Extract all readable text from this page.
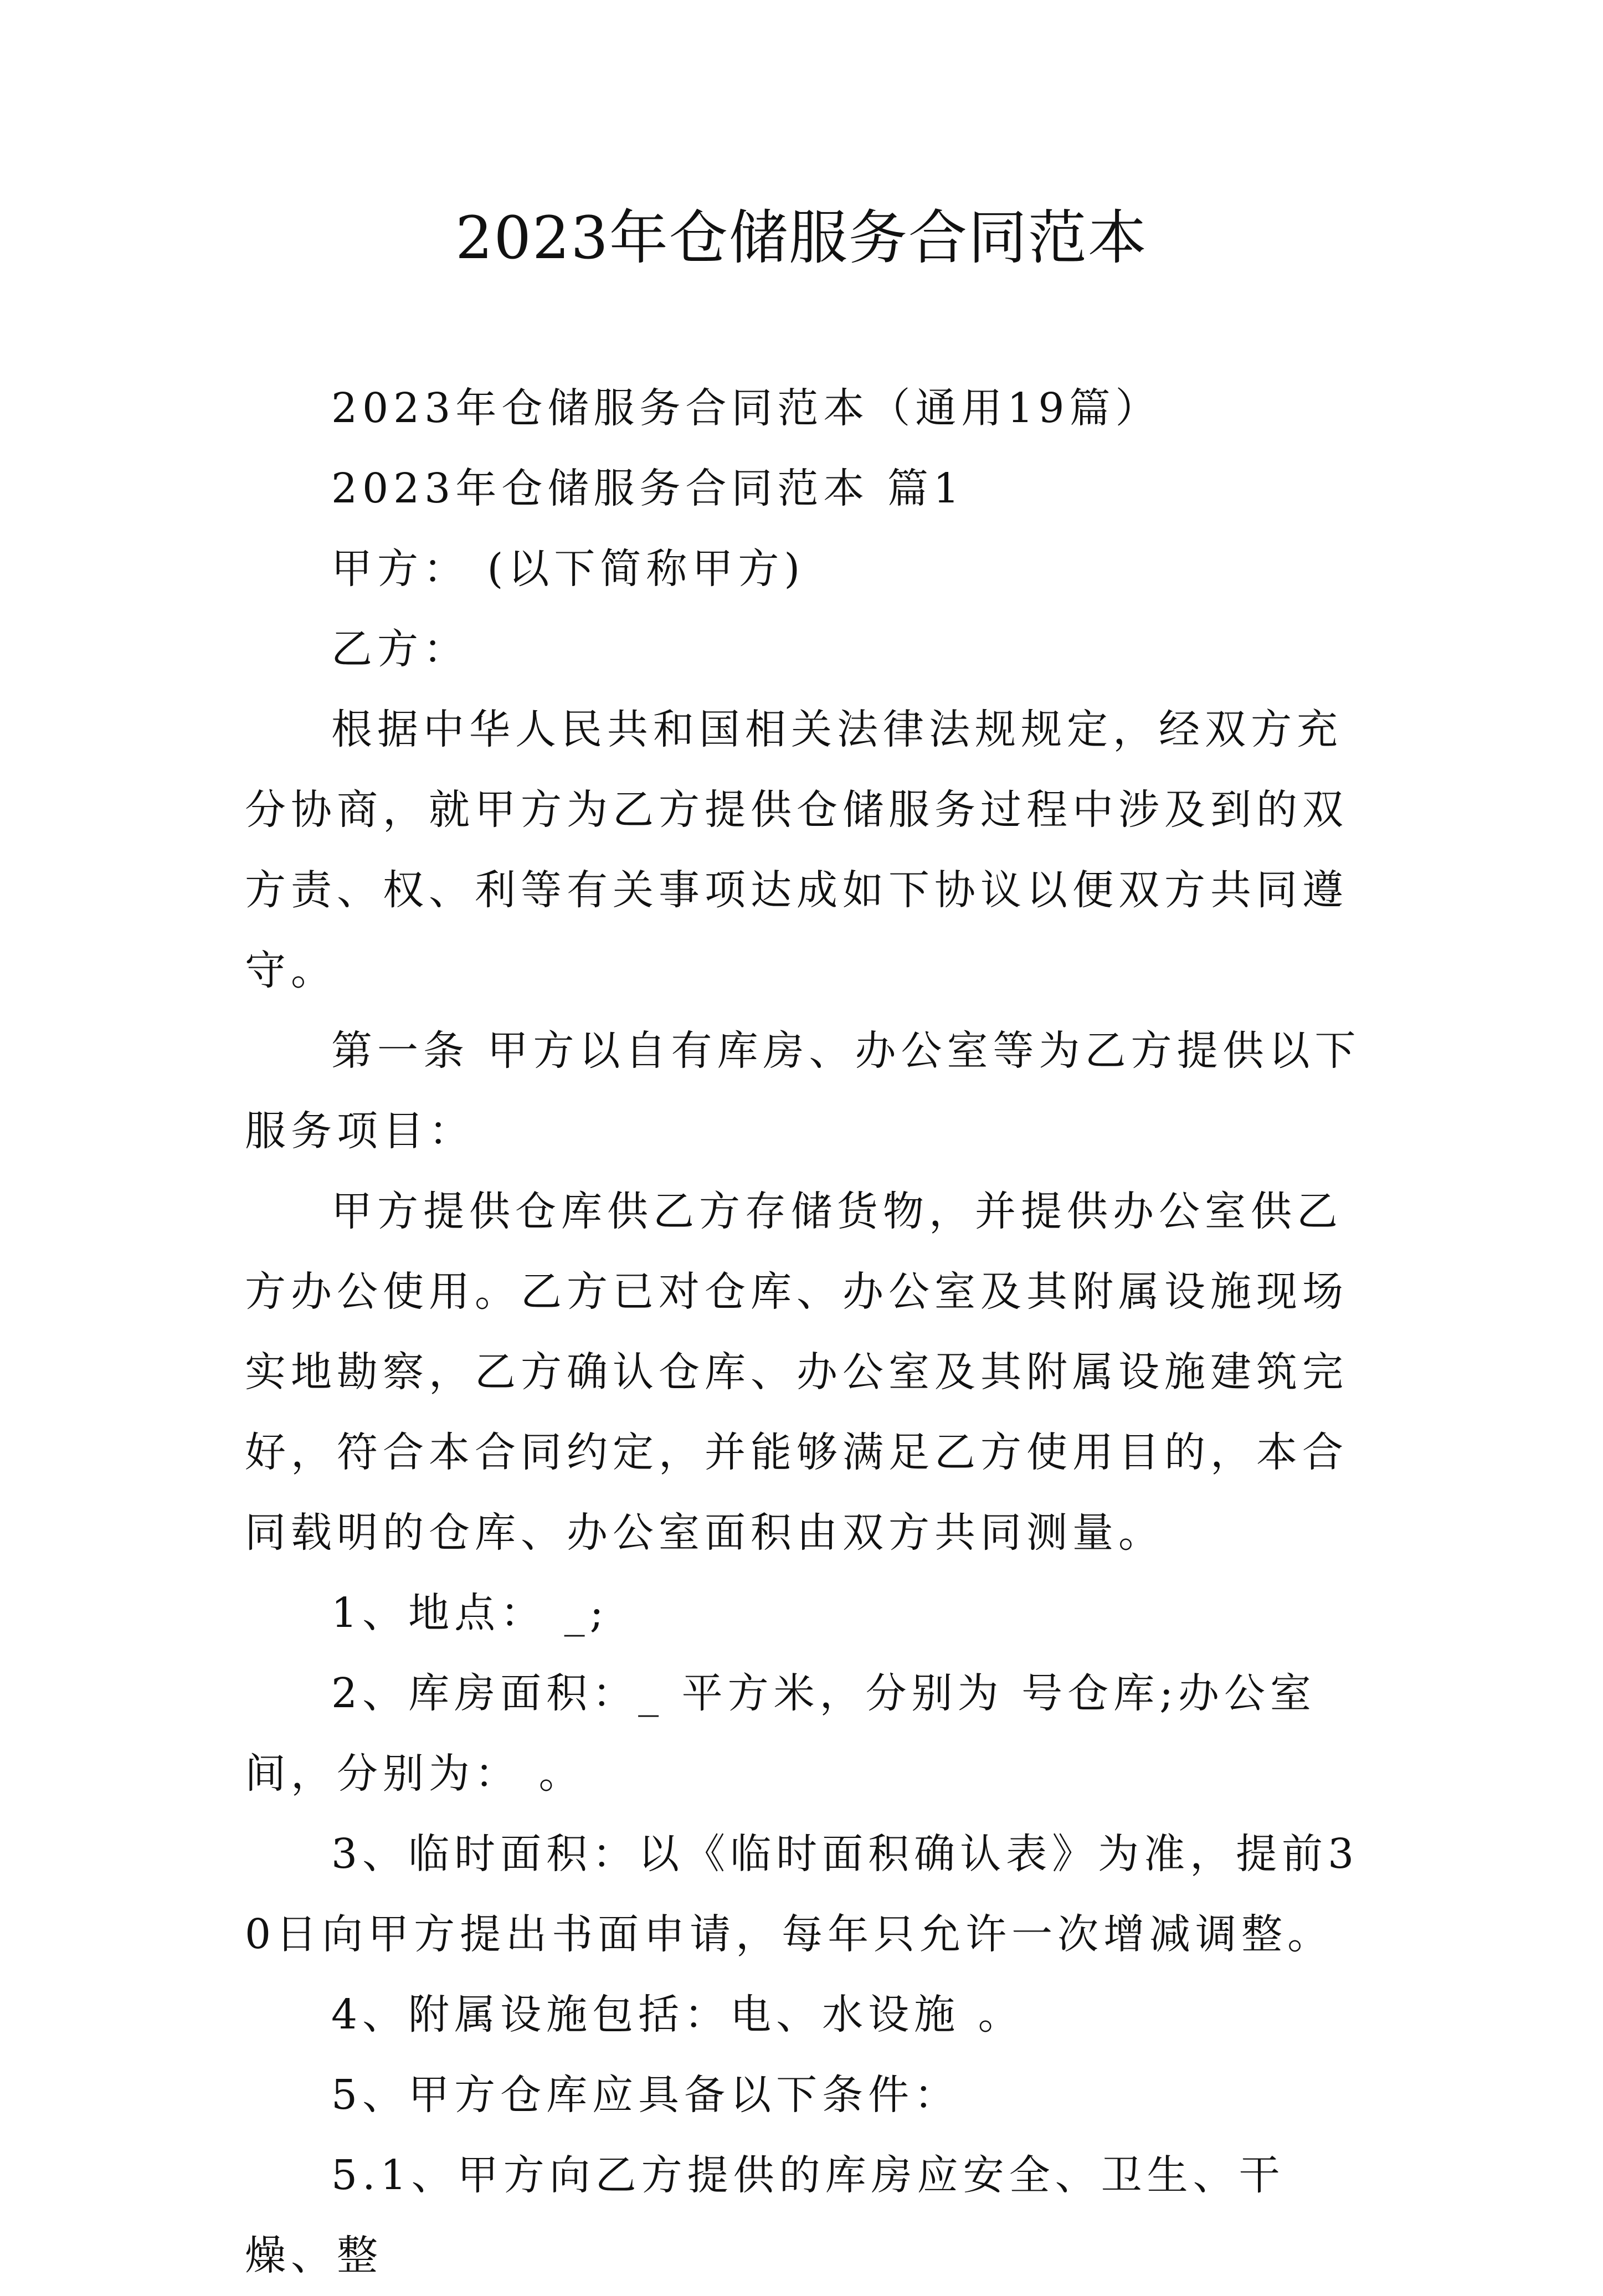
2023年仓储服务合同范本

2023年仓储服务合同范本（通用19篇）

2023年仓储服务合同范本 篇1

甲方： (以下简称甲方)

乙方：

根据中华人民共和国相关法律法规规定，经双方充分协商，就甲方为乙方提供仓储服务过程中涉及到的双方责、权、利等有关事项达成如下协议以便双方共同遵守。

第一条 甲方以自有库房、办公室等为乙方提供以下服务项目：

甲方提供仓库供乙方存储货物，并提供办公室供乙方办公使用。乙方已对仓库、办公室及其附属设施现场实地勘察，乙方确认仓库、办公室及其附属设施建筑完好，符合本合同约定，并能够满足乙方使用目的，本合同载明的仓库、办公室面积由双方共同测量。

1、地点： _;

2、库房面积：_ 平方米，分别为 号仓库;办公室 间，分别为： 。

3、临时面积：以《临时面积确认表》为准，提前30日向甲方提出书面申请，每年只允许一次增减调整。

4、附属设施包括：电、水设施 。

5、甲方仓库应具备以下条件：

5.1、甲方向乙方提供的库房应安全、卫生、干燥、整
